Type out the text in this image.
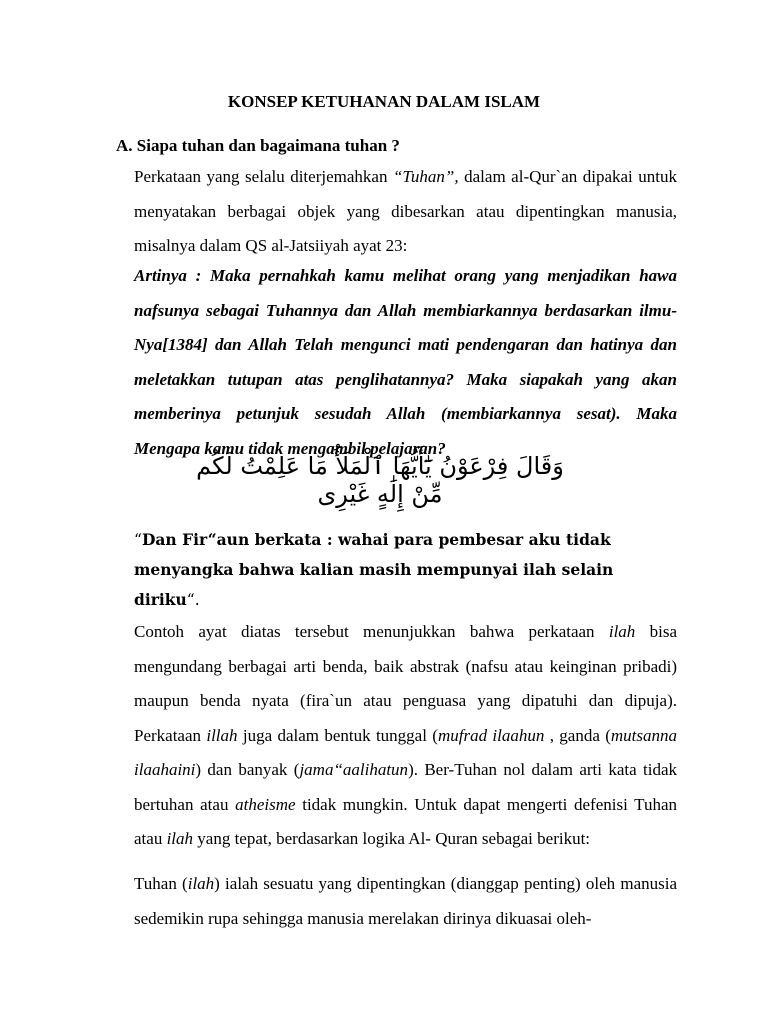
KONSEP KETUHANAN DALAM ISLAM
A. Siapa tuhan dan bagaimana tuhan ?
Perkataan yang selalu diterjemahkan “Tuhan”, dalam al-Qur`an dipakai untuk menyatakan berbagai objek yang dibesarkan atau dipentingkan manusia, misalnya dalam QS al-Jatsiiyah ayat 23:
Artinya : Maka pernahkah kamu melihat orang yang menjadikan hawa nafsunya sebagai Tuhannya dan Allah membiarkannya berdasarkan ilmu-Nya[1384] dan Allah Telah mengunci mati pendengaran dan hatinya dan meletakkan tutupan atas penglihatannya? Maka siapakah yang akan memberinya petunjuk sesudah Allah (membiarkannya sesat). Maka Mengapa kamu tidak mengambil pelajaran?
وَقَالَ فِرْعَوْنُ يَٰٓأَيُّهَا ٱلْمَلَأُ مَا عَلِمْتُ لَكُم مِّنْ إِلَٰهٍ غَيْرِى
“Dan Fir“aun berkata : wahai para pembesar aku tidak menyangka bahwa kalian masih mempunyai ilah selain diriku“.
Contoh ayat diatas tersebut menunjukkan bahwa perkataan ilah bisa mengundang berbagai arti benda, baik abstrak (nafsu atau keinginan pribadi) maupun benda nyata (fira`un atau penguasa yang dipatuhi dan dipuja). Perkataan illah juga dalam bentuk tunggal (mufrad ilaahun , ganda (mutsanna ilaahaini) dan banyak (jama“aalihatun). Ber-Tuhan nol dalam arti kata tidak bertuhan atau atheisme tidak mungkin. Untuk dapat mengerti defenisi Tuhan atau ilah yang tepat, berdasarkan logika Al- Quran sebagai berikut:
Tuhan (ilah) ialah sesuatu yang dipentingkan (dianggap penting) oleh manusia sedemikin rupa sehingga manusia merelakan dirinya dikuasai oleh-
